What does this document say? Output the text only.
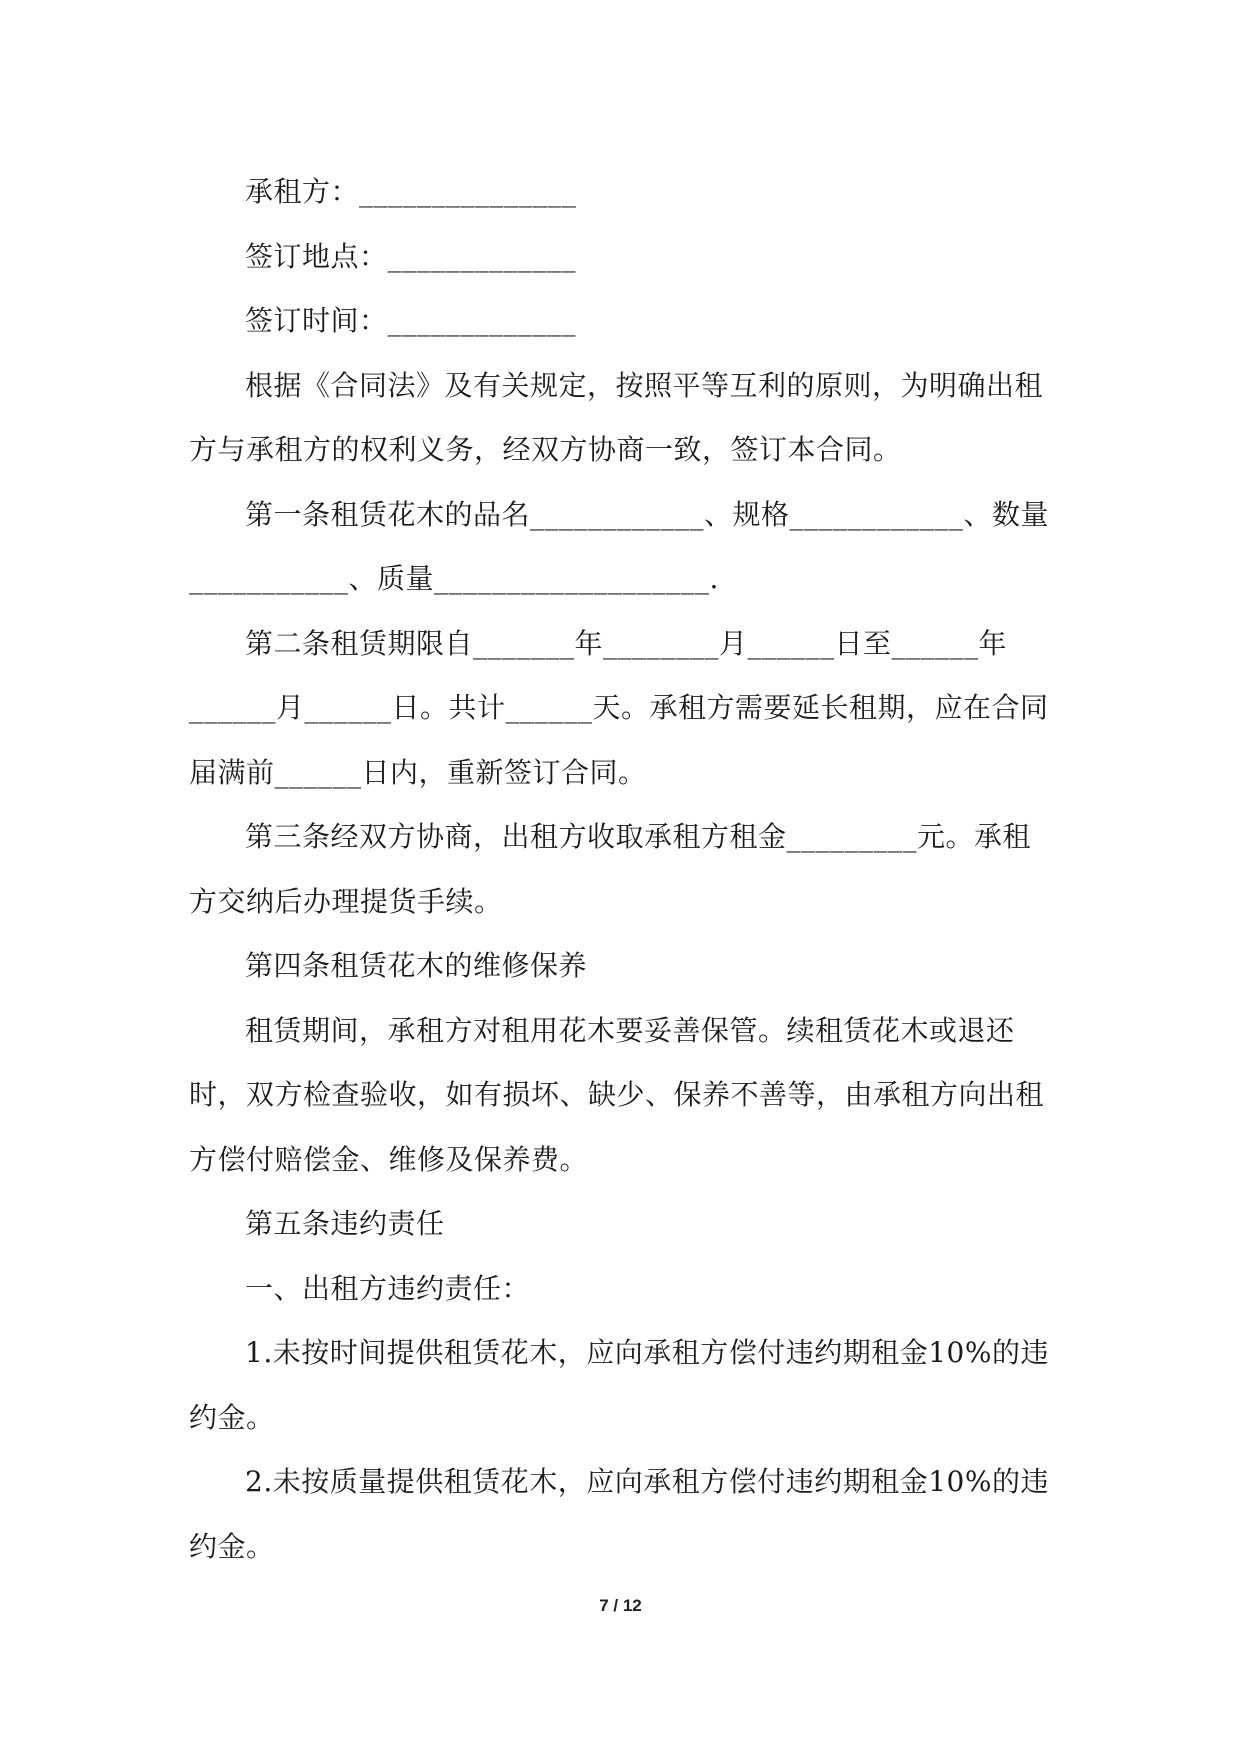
承租方：_______________

签订地点：_____________

签订时间：_____________

根据《合同法》及有关规定，按照平等互利的原则，为明确出租方与承租方的权利义务，经双方协商一致，签订本合同。

第一条租赁花木的品名____________、规格____________、数量___________、质量___________________.

第二条租赁期限自_______年________月______日至______年______月______日。共计______天。承租方需要延长租期，应在合同届满前______日内，重新签订合同。

第三条经双方协商，出租方收取承租方租金_________元。承租方交纳后办理提货手续。

第四条租赁花木的维修保养

租赁期间，承租方对租用花木要妥善保管。续租赁花木或退还时，双方检查验收，如有损坏、缺少、保养不善等，由承租方向出租方偿付赔偿金、维修及保养费。

第五条违约责任

一、出租方违约责任：

1.未按时间提供租赁花木，应向承租方偿付违约期租金10%的违约金。

2.未按质量提供租赁花木，应向承租方偿付违约期租金10%的违约金。

7 / 12
